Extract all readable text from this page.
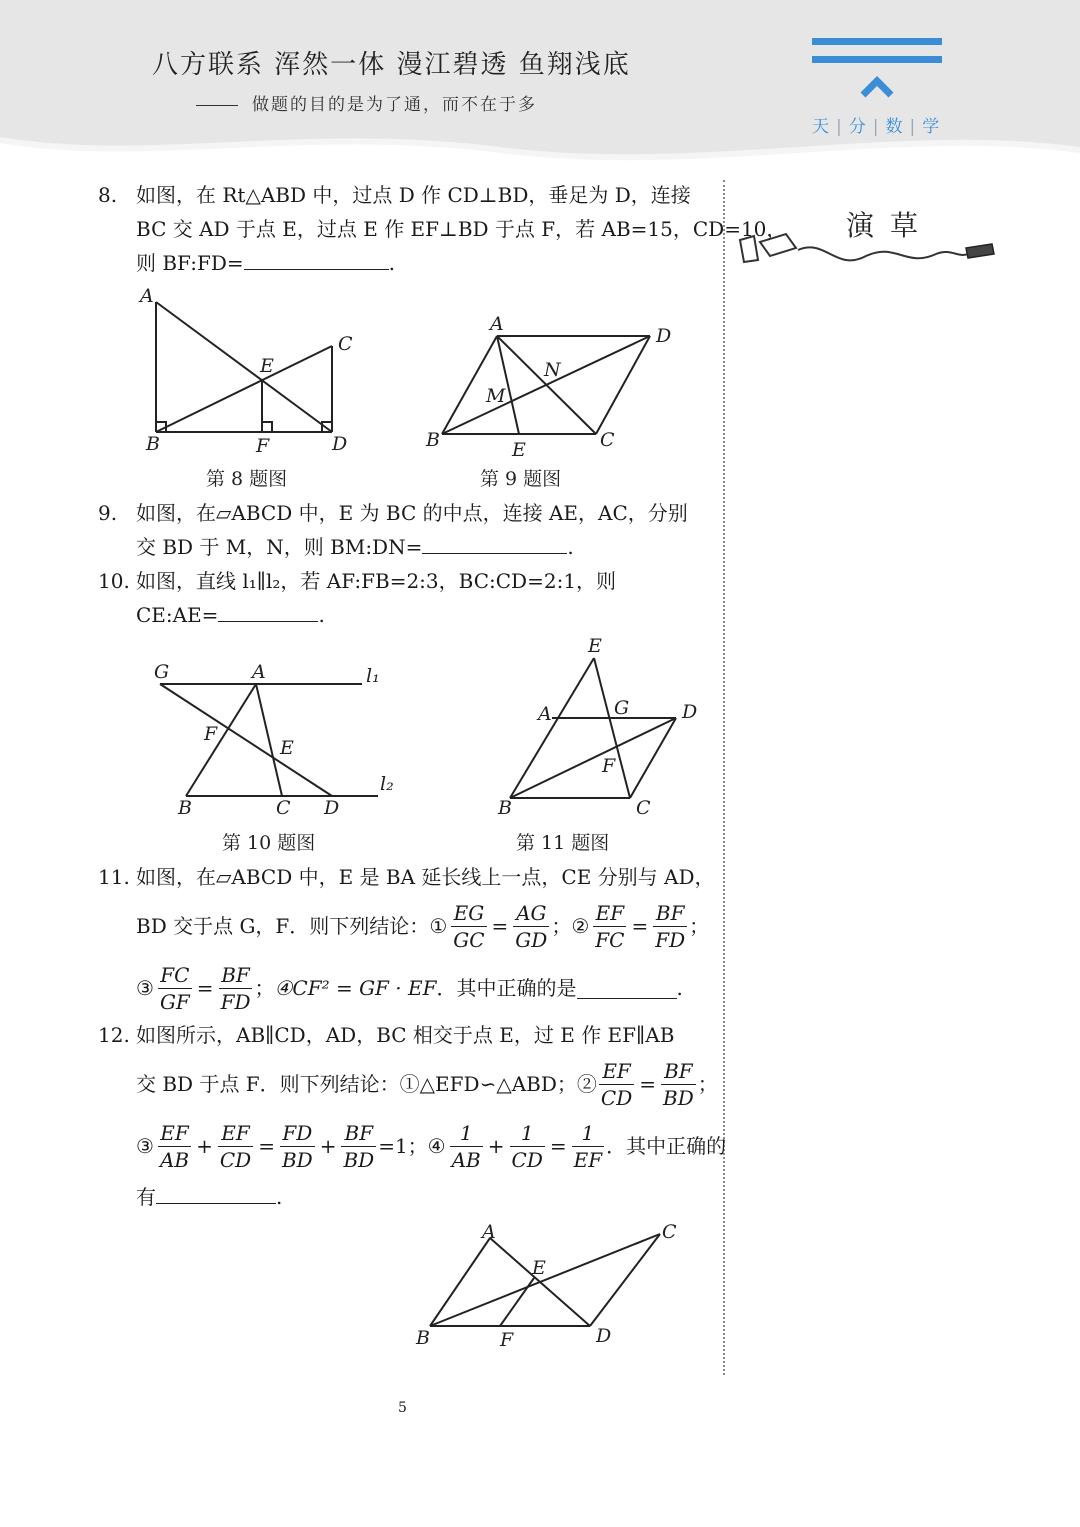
八方联系 浑然一体 漫江碧透 鱼翔浅底
做题的目的是为了通，而不在于多
天 | 分 | 数 | 学
演草
8. 如图，在 Rt△ABD 中，过点 D 作 CD⊥BD，垂足为 D，连接
BC 交 AD 于点 E，过点 E 作 EF⊥BD 于点 F，若 AB=15，CD=10，
则 BF:FD=	.
A
C
E
B	F	D
第 8 题图
A
D
N
M
B	E	C
第 9 题图
9. 如图，在▱ABCD 中，E 为 BC 的中点，连接 AE，AC，分别
交 BD 于 M，N，则 BM:DN=	.
10. 如图，直线 l₁∥l₂，若 AF:FB=2:3，BC:CD=2:1，则
CE:AE=	.
G	A	l₁
F
E
l₂
B	C D
第 10 题图
E
A	G	D
F
B	C
第 11 题图
11. 如图，在▱ABCD 中，E 是 BA 延长线上一点，CE 分别与 AD，
BD 交于点 G，F．则下列结论： ① $\frac{EG}{GC} = \frac{AG}{GD}$ ； ② $\frac{EF}{FC} = \frac{BF}{FD}$ ；
③ $\frac{FC}{GF} = \frac{BF}{FD}$ ； ④CF² = GF · EF ．其中正确的是	.
12. 如图所示，AB∥CD，AD，BC 相交于点 E，过 E 作 EF∥AB
交 BD 于点 F．则下列结论：①△EFD∽△ABD；② $\frac{EF}{CD} = \frac{BF}{BD}$ ；
③ $\frac{EF}{AB} + \frac{EF}{CD} = \frac{FD}{BD} + \frac{BF}{BD} =1$ ； ④ $\frac{1}{AB} + \frac{1}{CD} = \frac{1}{EF}$ ．其中正确的
有	.
A	C
E
B	F	D
5
